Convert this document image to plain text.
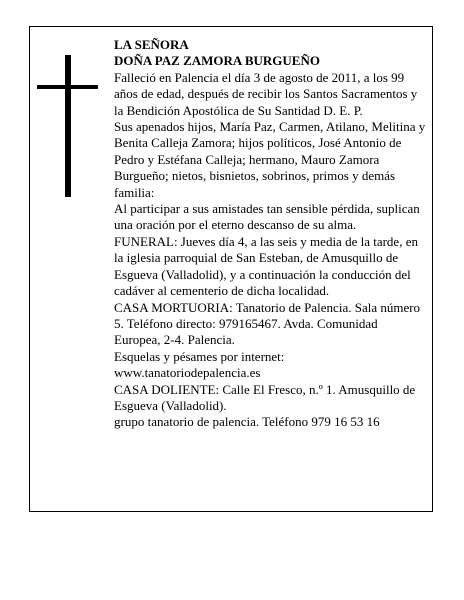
LA SEÑORA

DOÑA PAZ ZAMORA BURGUEÑO

Falleció en Palencia el día 3 de agosto de 2011, a los 99 años de edad, después de recibir los Santos Sacramentos y la Bendición Apostólica de Su Santidad D. E. P.

Sus apenados hijos, María Paz, Carmen, Atilano, Melitina y Benita Calleja Zamora; hijos políticos, José Antonio de Pedro y Estéfana Calleja; hermano, Mauro Zamora Burgueño; nietos, bisnietos, sobrinos, primos y demás familia:

Al participar a sus amistades tan sensible pérdida, suplican una oración por el eterno descanso de su alma.

FUNERAL: Jueves día 4, a las seis y media de la tarde, en la iglesia parroquial de San Esteban, de Amusquillo de Esgueva (Valladolid), y a continuación la conducción del cadáver al cementerio de dicha localidad.

CASA MORTUORIA: Tanatorio de Palencia. Sala número 5. Teléfono directo: 979165467. Avda. Comunidad Europea, 2-4. Palencia.

Esquelas y pésames por internet: www.tanatoriodepalencia.es

CASA DOLIENTE: Calle El Fresco, n.º 1. Amusquillo de Esgueva (Valladolid).

grupo tanatorio de palencia. Teléfono 979 16 53 16
